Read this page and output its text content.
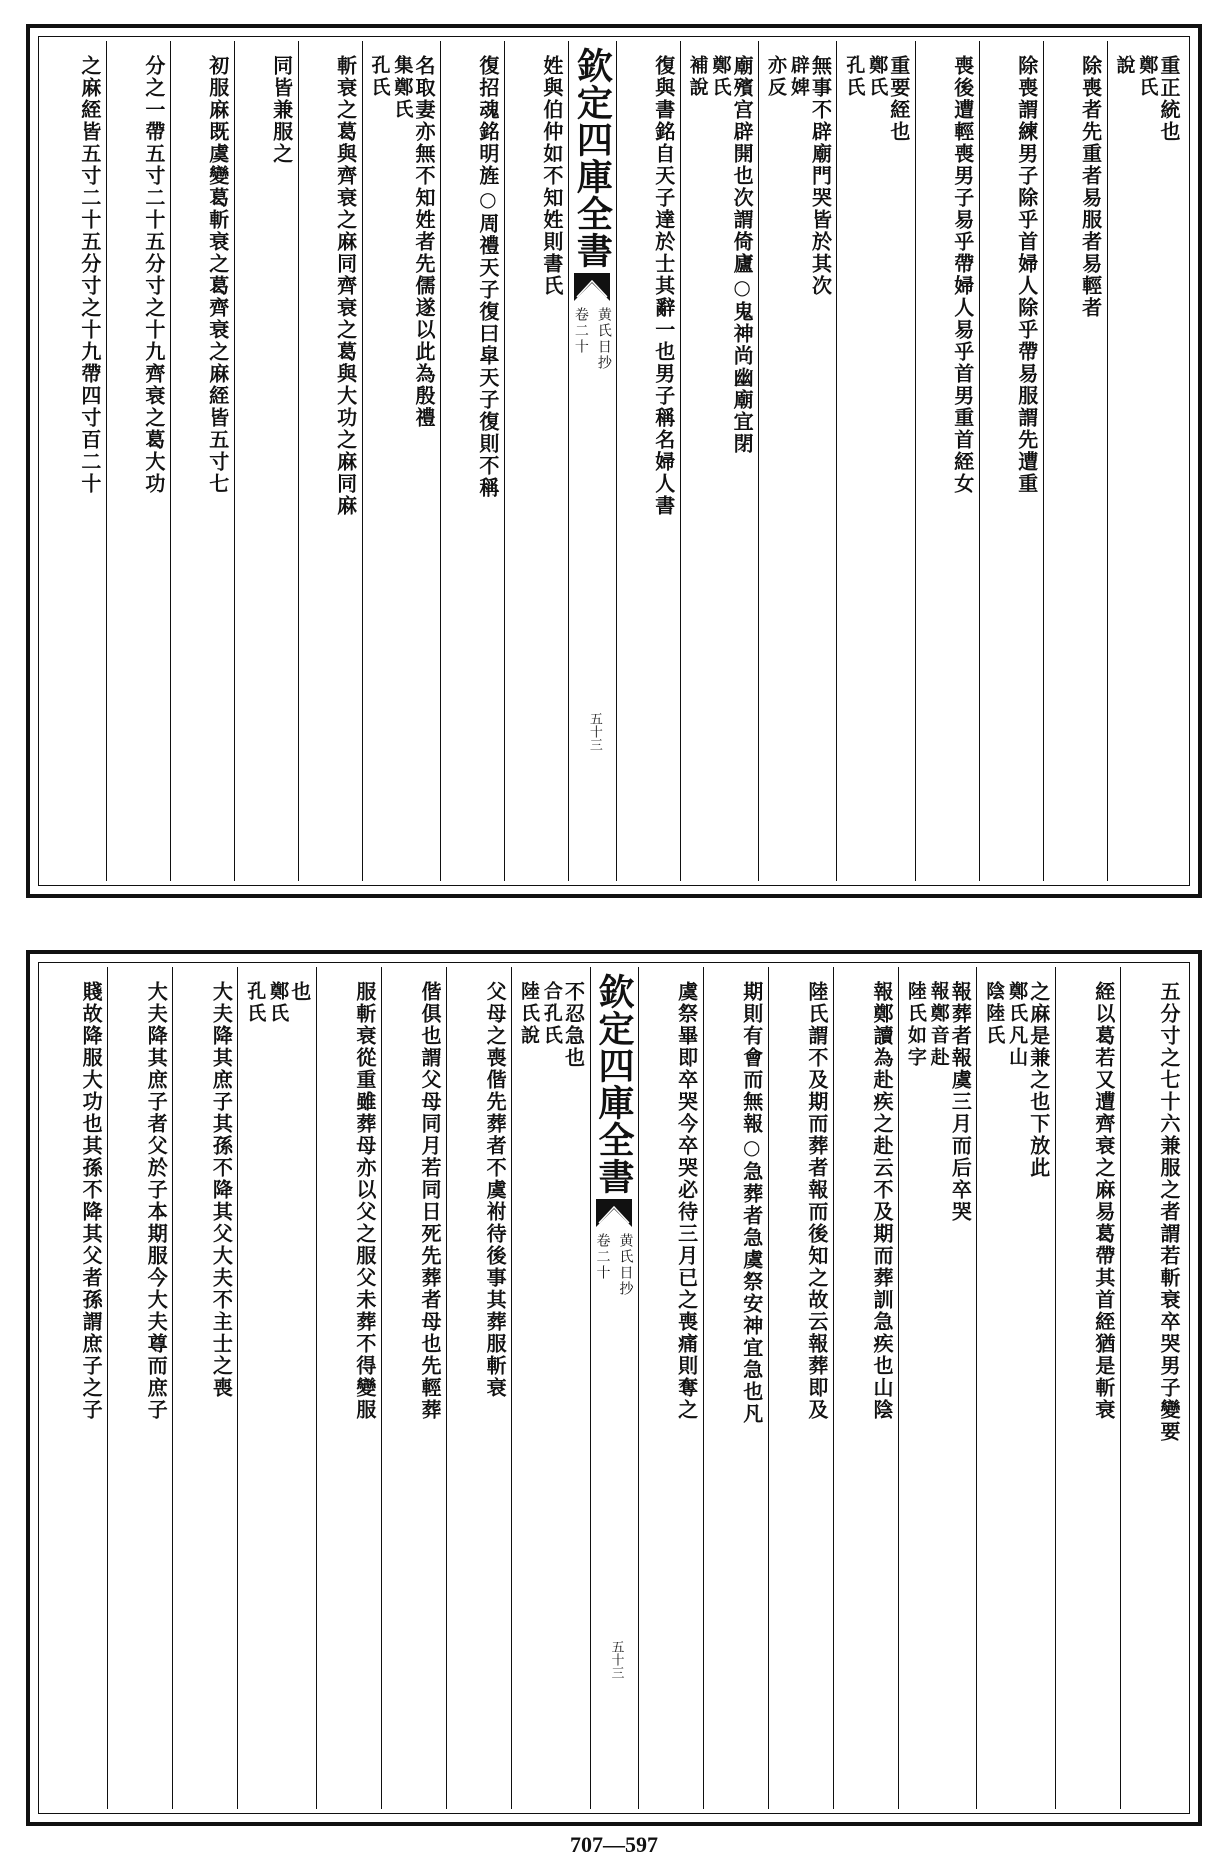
重正統也
鄭氏
說
除喪者先重者易服者易輕者
除喪謂練男子除乎首婦人除乎帶易服謂先遭重
喪後遭輕喪男子易乎帶婦人易乎首男重首絰女
重要絰也
鄭氏
孔氏
無事不辟廟門哭皆於其次
辟婢
亦反
廟殯宫辟開也次謂倚廬○鬼神尚幽廟宜閉
鄭氏
補說
復與書銘自天子達於士其辭一也男子稱名婦人書
欽定四庫全書
黄氏日抄
卷二十
五十三
姓與伯仲如不知姓則書氏
復招魂銘明旌○周禮天子復曰皐天子復則不稱
名取妻亦無不知姓者先儒遂以此為殷禮
集鄭氏
孔氏
斬衰之葛與齊衰之麻同齊衰之葛與大功之麻同麻
同皆兼服之
初服麻既虞變葛斬衰之葛齊衰之麻絰皆五寸七
分之一帶五寸二十五分寸之十九齊衰之葛大功
之麻絰皆五寸二十五分寸之十九帶四寸百二十
五分寸之七十六兼服之者謂若斬衰卒哭男子變要
絰以葛若又遭齊衰之麻易葛帶其首絰猶是斬衰
之麻是兼之也下放此
鄭氏凡山
陰陸氏
報葬者報虞三月而后卒哭
報鄭音赴
陸氏如字
報鄭讀為赴疾之赴云不及期而葬訓急疾也山陰
陸氏謂不及期而葬者報而後知之故云報葬即及
期則有會而無報○急葬者急虞祭安神宜急也凡
虞祭畢即卒哭今卒哭必待三月已之喪痛則奪之
欽定四庫全書
黄氏日抄
卷二十
五十三
不忍急也
合孔氏
陸氏說
父母之喪偕先葬者不虞祔待後事其葬服斬衰
偕俱也謂父母同月若同日死先葬者母也先輕葬
服斬衰從重雖葬母亦以父之服父未葬不得變服
也
鄭氏
孔氏
大夫降其庶子其孫不降其父大夫不主士之喪
大夫降其庶子者父於子本期服今大夫尊而庶子
賤故降服大功也其孫不降其父者孫謂庶子之子
707—597
